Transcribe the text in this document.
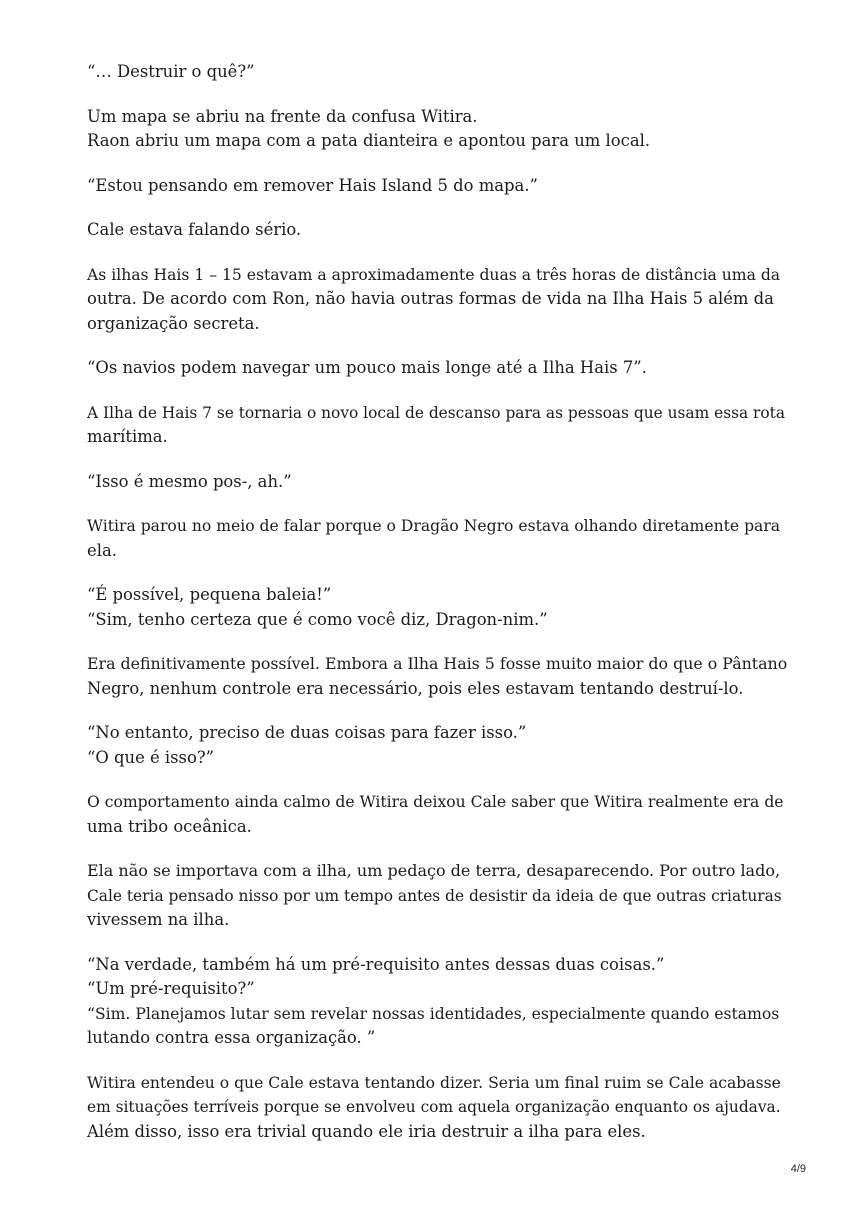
“… Destruir o quê?”

Um mapa se abriu na frente da confusa Witira.
Raon abriu um mapa com a pata dianteira e apontou para um local.

“Estou pensando em remover Hais Island 5 do mapa.”

Cale estava falando sério.

As ilhas Hais 1 – 15 estavam a aproximadamente duas a três horas de distância uma da
outra. De acordo com Ron, não havia outras formas de vida na Ilha Hais 5 além da
organização secreta.

“Os navios podem navegar um pouco mais longe até a Ilha Hais 7”.

A Ilha de Hais 7 se tornaria o novo local de descanso para as pessoas que usam essa rota
marítima.

“Isso é mesmo pos-, ah.”

Witira parou no meio de falar porque o Dragão Negro estava olhando diretamente para
ela.

“É possível, pequena baleia!”
“Sim, tenho certeza que é como você diz, Dragon-nim.”

Era definitivamente possível. Embora a Ilha Hais 5 fosse muito maior do que o Pântano
Negro, nenhum controle era necessário, pois eles estavam tentando destruí-lo.

“No entanto, preciso de duas coisas para fazer isso.”
“O que é isso?”

O comportamento ainda calmo de Witira deixou Cale saber que Witira realmente era de
uma tribo oceânica.

Ela não se importava com a ilha, um pedaço de terra, desaparecendo. Por outro lado,
Cale teria pensado nisso por um tempo antes de desistir da ideia de que outras criaturas
vivessem na ilha.

“Na verdade, também há um pré-requisito antes dessas duas coisas.”
“Um pré-requisito?”
“Sim. Planejamos lutar sem revelar nossas identidades, especialmente quando estamos
lutando contra essa organização. ”

Witira entendeu o que Cale estava tentando dizer. Seria um final ruim se Cale acabasse
em situações terríveis porque se envolveu com aquela organização enquanto os ajudava.
Além disso, isso era trivial quando ele iria destruir a ilha para eles.

4/9
